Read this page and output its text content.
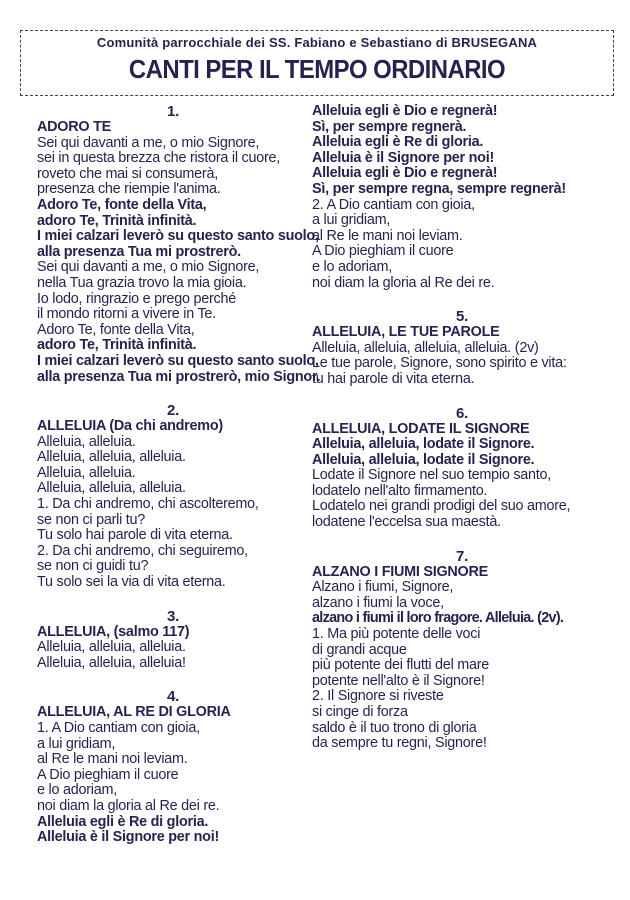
Comunità parrocchiale dei SS. Fabiano e Sebastiano di BRUSEGANA
CANTI PER IL TEMPO ORDINARIO

1.

ADORO TE

Sei qui davanti a me, o mio Signore,

sei in questa brezza che ristora il cuore,

roveto che mai si consumerà,

presenza che riempie l'anima.

Adoro Te, fonte della Vita,

adoro Te, Trinità infinità.

I miei calzari leverò su questo santo suolo,

alla presenza Tua mi prostrerò.

Sei qui davanti a me, o mio Signore,

nella Tua grazia trovo la mia gioia.

Io lodo, ringrazio e prego perché

il mondo ritorni a vivere in Te.

Adoro Te, fonte della Vita,

adoro Te, Trinità infinità.

I miei calzari leverò su questo santo suolo,

alla presenza Tua mi prostrerò, mio Signor.

2.

ALLELUIA (Da chi andremo)

Alleluia, alleluia.

Alleluia, alleluia, alleluia.

Alleluia, alleluia.

Alleluia, alleluia, alleluia.

1. Da chi andremo, chi ascolteremo,

se non ci parli tu?

Tu solo hai parole di vita eterna.

2. Da chi andremo, chi seguiremo,

se non ci guidi tu?

Tu solo sei la via di vita eterna.

3.

ALLELUIA, (salmo 117)

Alleluia, alleluia, alleluia.

Alleluia, alleluia, alleluia!

4.

ALLELUIA, AL RE DI GLORIA

1. A Dio cantiam con gioia,

a lui gridiam,

al Re le mani noi leviam.

A Dio pieghiam il cuore

e lo adoriam,

noi diam la gloria al Re dei re.

Alleluia egli è Re di gloria.

Alleluia è il Signore per noi!

Alleluia egli è Dio e regnerà!

Sì, per sempre regnerà.

Alleluia egli è Re di gloria.

Alleluia è il Signore per noi!

Alleluia egli è Dio e regnerà!

Sì, per sempre regna, sempre regnerà!

2. A Dio cantiam con gioia,

a lui gridiam,

al Re le mani noi leviam.

A Dio pieghiam il cuore

e lo adoriam,

noi diam la gloria al Re dei re.

5.

ALLELUIA, LE TUE PAROLE

Alleluia, alleluia, alleluia, alleluia. (2v)

Le tue parole, Signore, sono spirito e vita:

tu hai parole di vita eterna.

6.

ALLELUIA, LODATE IL SIGNORE

Alleluia, alleluia, lodate il Signore.

Alleluia, alleluia, lodate il Signore.

Lodate il Signore nel suo tempio santo,

lodatelo nell'alto firmamento.

Lodatelo nei grandi prodigi del suo amore,

lodatene l'eccelsa sua maestà.

7.

ALZANO I FIUMI SIGNORE

Alzano i fiumi, Signore,

alzano i fiumi la voce,

alzano i fiumi il loro fragore. Alleluia. (2v).

1. Ma più potente delle voci

di grandi acque

più potente dei flutti del mare

potente nell'alto è il Signore!

2. Il Signore si riveste

si cinge di forza

saldo è il tuo trono di gloria

da sempre tu regni, Signore!
